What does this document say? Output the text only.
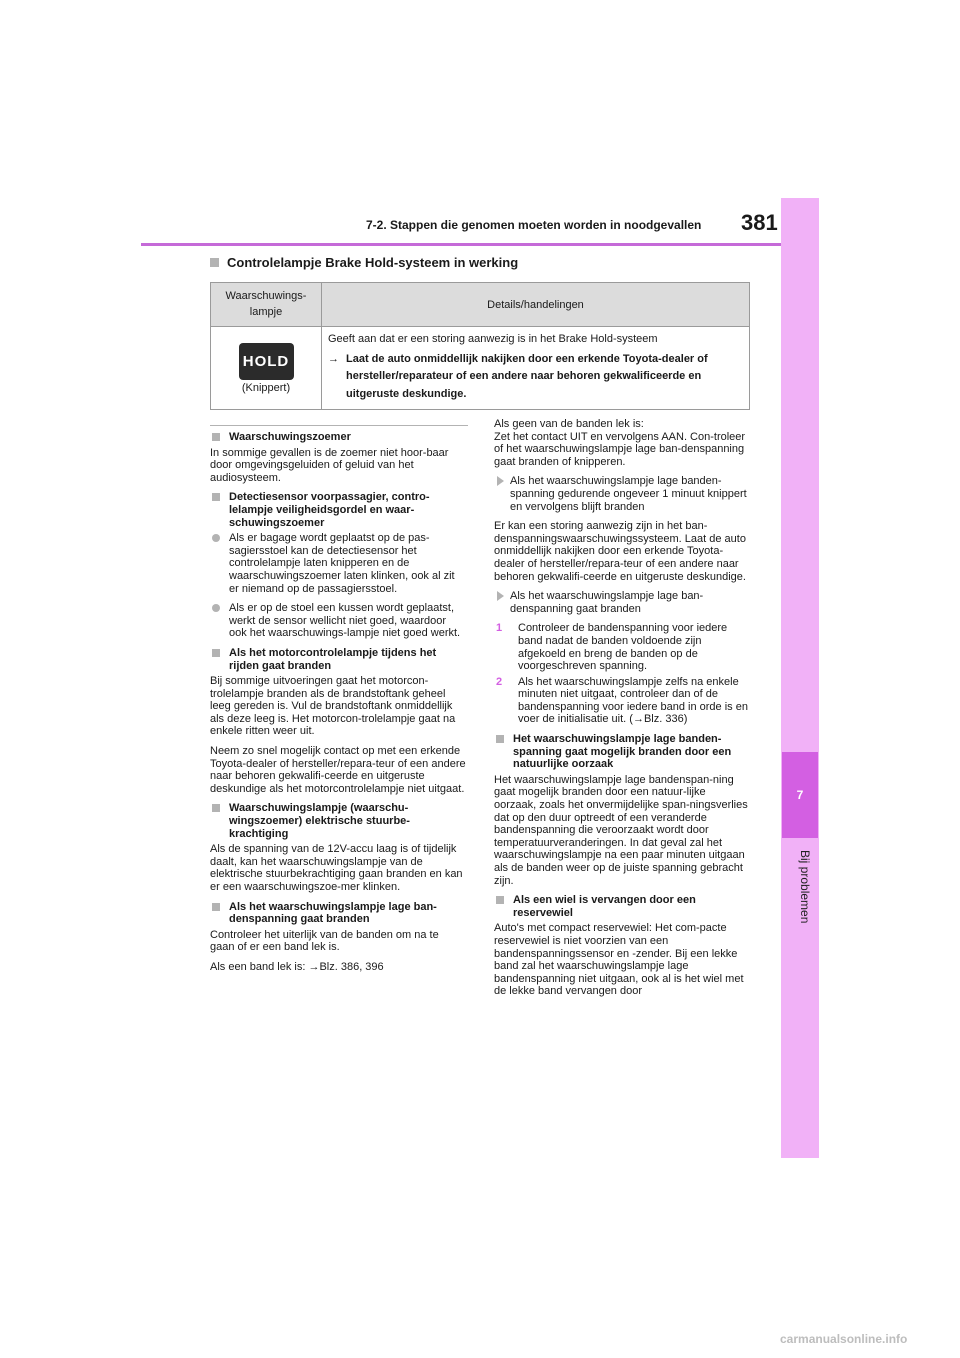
7-2. Stappen die genomen moeten worden in noodgevallen 381
7
Bij problemen
Controlelampje Brake Hold-systeem in werking
Waarschuwings-
lampje
Details/handelingen
HOLD
(Knippert)
Geeft aan dat er een storing aanwezig is in het Brake Hold-systeem
→ Laat de auto onmiddellijk nakijken door een erkende Toyota-dealer of hersteller/reparateur of een andere naar behoren gekwalificeerde en uitgeruste deskundige.
Waarschuwingszoemer

In sommige gevallen is de zoemer niet hoor-baar door omgevingsgeluiden of geluid van het audiosysteem.

Detectiesensor voorpassagier, contro-lelampje veiligheidsgordel en waar-schuwingszoemer
Als er bagage wordt geplaatst op de pas-sagiersstoel kan de detectiesensor het controlelampje laten knipperen en de waarschuwingszoemer laten klinken, ook al zit er niemand op de passagiersstoel.
Als er op de stoel een kussen wordt geplaatst, werkt de sensor wellicht niet goed, waardoor ook het waarschuwings-lampje niet goed werkt.
Als het motorcontrolelampje tijdens het rijden gaat branden

Bij sommige uitvoeringen gaat het motorcon-trolelampje branden als de brandstoftank geheel leeg gereden is. Vul de brandstoftank onmiddellijk als deze leeg is. Het motorcon-trolelampje gaat na enkele ritten weer uit.

Neem zo snel mogelijk contact op met een erkende Toyota-dealer of hersteller/repara-teur of een andere naar behoren gekwalifi-ceerde en uitgeruste deskundige als het motorcontrolelampje niet uitgaat.

Waarschuwingslampje (waarschu-wingszoemer) elektrische stuurbe-krachtiging

Als de spanning van de 12V-accu laag is of tijdelijk daalt, kan het waarschuwingslampje van de elektrische stuurbekrachtiging gaan branden en kan er een waarschuwingszoe-mer klinken.

Als het waarschuwingslampje lage ban-denspanning gaat branden

Controleer het uiterlijk van de banden om na te gaan of er een band lek is.

Als een band lek is: →Blz. 386, 396

Als geen van de banden lek is:
Zet het contact UIT en vervolgens AAN. Con-troleer of het waarschuwingslampje lage ban-denspanning gaat branden of knipperen.

Als het waarschuwingslampje lage banden-spanning gedurende ongeveer 1 minuut knippert en vervolgens blijft branden

Er kan een storing aanwezig zijn in het ban-denspanningswaarschuwingssysteem. Laat de auto onmiddellijk nakijken door een erkende Toyota-dealer of hersteller/repara-teur of een andere naar behoren gekwalifi-ceerde en uitgeruste deskundige.

Als het waarschuwingslampje lage ban-denspanning gaat branden
1	Controleer de bandenspanning voor iedere band nadat de banden voldoende zijn afgekoeld en breng de banden op de voorgeschreven spanning.
2	Als het waarschuwingslampje zelfs na enkele minuten niet uitgaat, controleer dan of de bandenspanning voor iedere band in orde is en voer de initialisatie uit. (→Blz. 336)
Het waarschuwingslampje lage banden-spanning gaat mogelijk branden door een natuurlijke oorzaak

Het waarschuwingslampje lage bandenspan-ning gaat mogelijk branden door een natuur-lijke oorzaak, zoals het onvermijdelijke span-ningsverlies dat op den duur optreedt of een veranderde bandenspanning die veroorzaakt wordt door temperatuurveranderingen. In dat geval zal het waarschuwingslampje na een paar minuten uitgaan als de banden weer op de juiste spanning gebracht zijn.

Als een wiel is vervangen door een reservewiel

Auto's met compact reservewiel: Het com-pacte reservewiel is niet voorzien van een bandenspanningssensor en -zender. Bij een lekke band zal het waarschuwingslampje lage bandenspanning niet uitgaan, ook al is het wiel met de lekke band vervangen door

carmanualsonline.info
